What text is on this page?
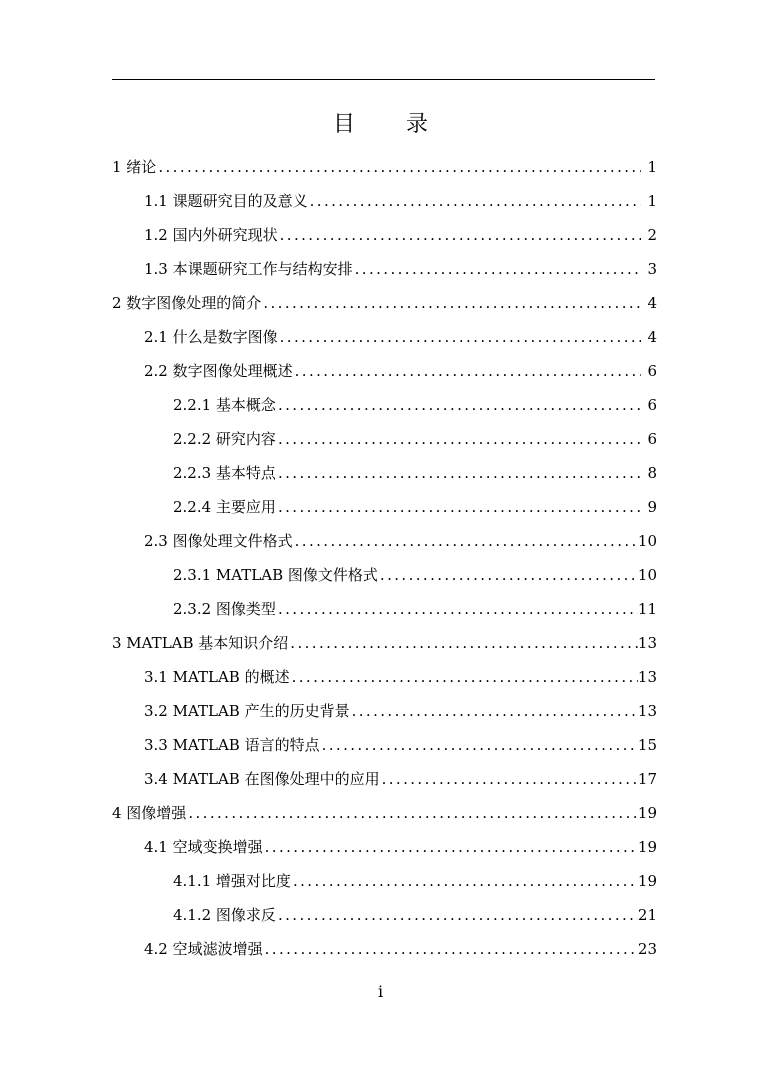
目 录
1 绪论 .....	1
1.1 课题研究目的及意义 .....	1
1.2 国内外研究现状 .....	2
1.3 本课题研究工作与结构安排 .....	3
2 数字图像处理的简介 .....	4
2.1 什么是数字图像 .....	4
2.2 数字图像处理概述 .....	6
2.2.1 基本概念 .....	6
2.2.2 研究内容 .....	6
2.2.3 基本特点 .....	8
2.2.4 主要应用 .....	9
2.3 图像处理文件格式 .....	10
2.3.1 MATLAB 图像文件格式 .....	10
2.3.2 图像类型 .....	11
3 MATLAB 基本知识介绍 .....	13
3.1 MATLAB 的概述 .....	13
3.2 MATLAB 产生的历史背景 .....	13
3.3 MATLAB 语言的特点 .....	15
3.4 MATLAB 在图像处理中的应用 .....	17
4 图像增强 .....	19
4.1 空域变换增强 .....	19
4.1.1 增强对比度 .....	19
4.1.2 图像求反 .....	21
4.2 空域滤波增强 .....	23
i
